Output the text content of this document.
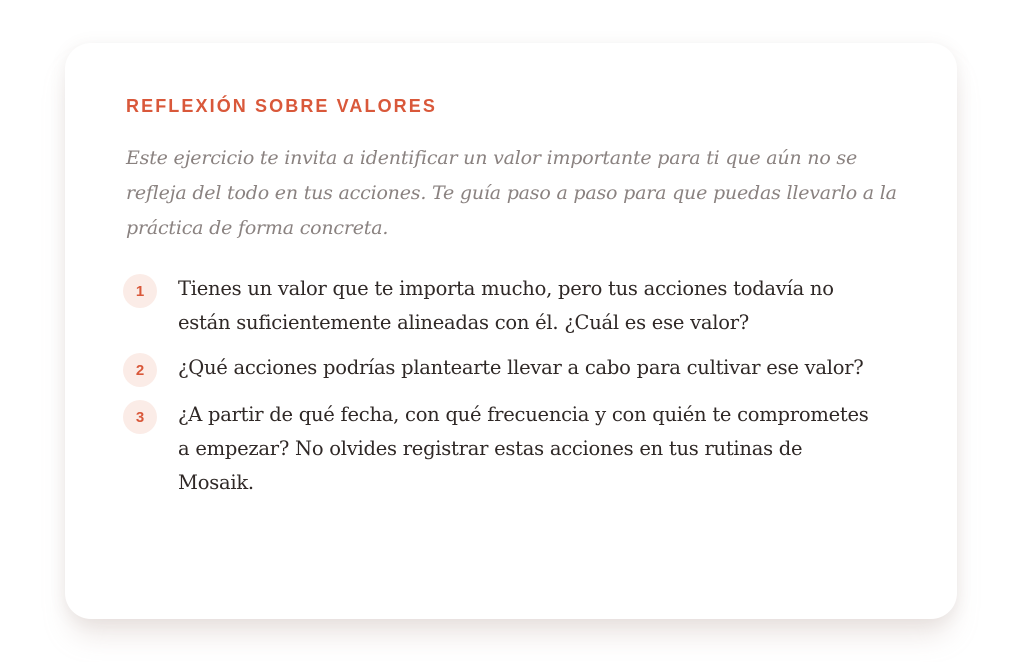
REFLEXIÓN SOBRE VALORES

Este ejercicio te invita a identificar un valor importante para ti que aún no se refleja del todo en tus acciones. Te guía paso a paso para que puedas llevarlo a la práctica de forma concreta.

1	Tienes un valor que te importa mucho, pero tus acciones todavía no están suficientemente alineadas con él. ¿Cuál es ese valor?
2	¿Qué acciones podrías plantearte llevar a cabo para cultivar ese valor?
3	¿A partir de qué fecha, con qué frecuencia y con quién te comprometes a empezar? No olvides registrar estas acciones en tus rutinas de Mosaik.
